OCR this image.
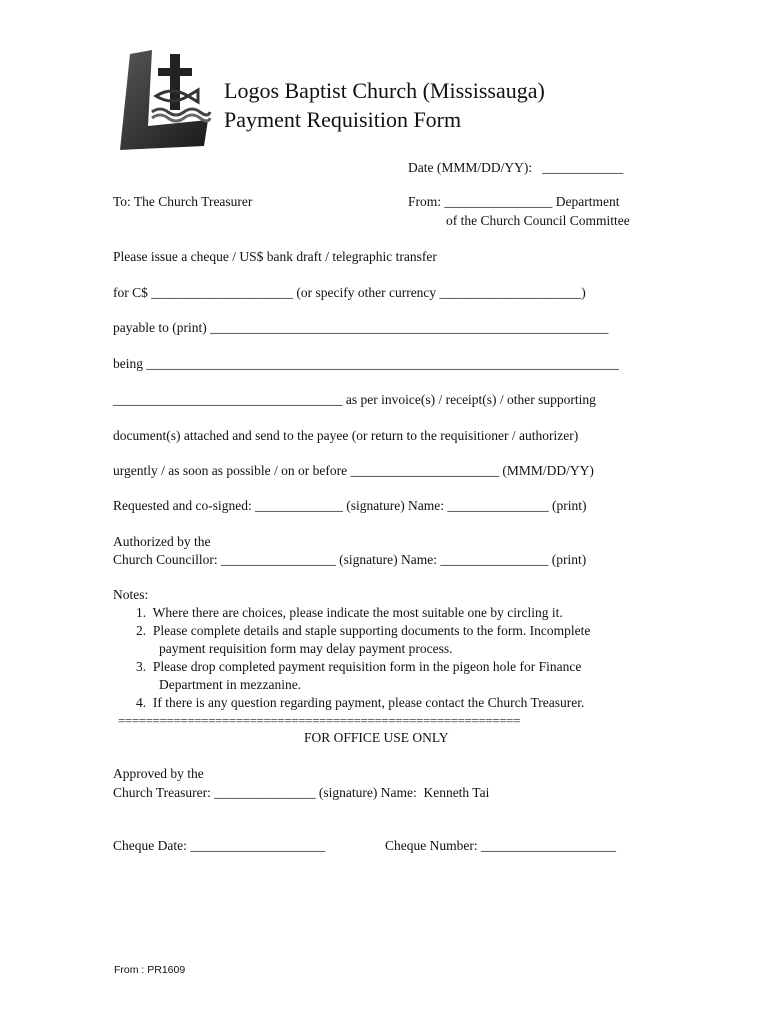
Logos Baptist Church (Mississauga)
Payment Requisition Form
Date (MMM/DD/YY):   ____________
To: The Church Treasurer	From: ________________ Department
of the Church Council Committee
Please issue a cheque / US$ bank draft / telegraphic transfer
for C$ _____________________ (or specify other currency _____________________)
payable to (print) ___________________________________________________________
being ______________________________________________________________________
__________________________________ as per invoice(s) / receipt(s) / other supporting
document(s) attached and send to the payee (or return to the requisitioner / authorizer)
urgently / as soon as possible / on or before ______________________ (MMM/DD/YY)
Requested and co-signed: _____________ (signature) Name: _______________ (print)
Authorized by the
Church Councillor: _________________ (signature) Name: ________________ (print)
Notes:
1.  Where there are choices, please indicate the most suitable one by circling it.
2.  Please complete details and staple supporting documents to the form. Incomplete
payment requisition form may delay payment process.
3.  Please drop completed payment requisition form in the pigeon hole for Finance
Department in mezzanine.
4.  If there is any question regarding payment, please contact the Church Treasurer.
==========================================================
FOR OFFICE USE ONLY
Approved by the
Church Treasurer: _______________ (signature) Name:  Kenneth Tai
Cheque Date: ____________________	Cheque Number: ____________________
From : PR1609
